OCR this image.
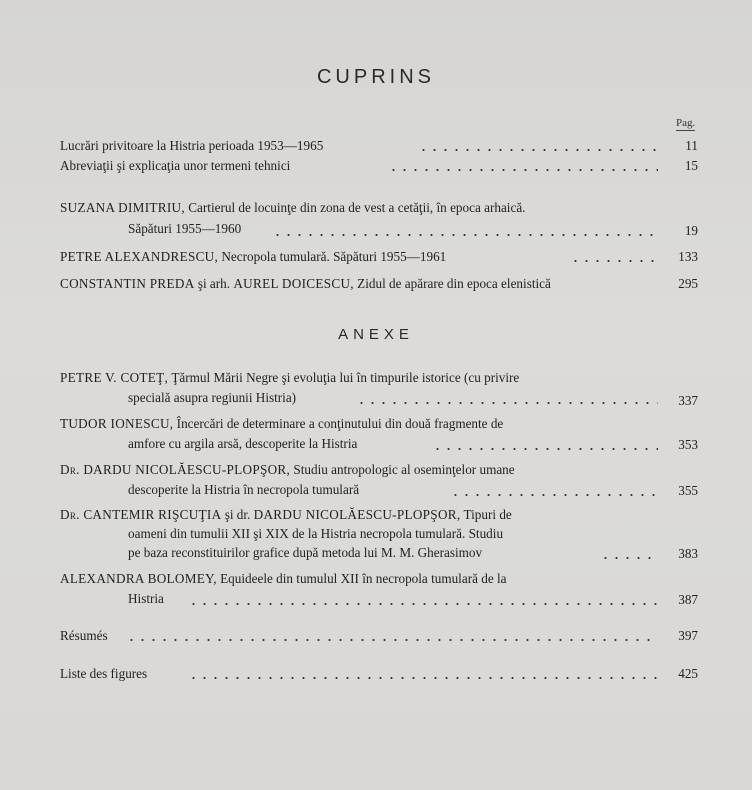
CUPRINS
Pag.
Lucrări privitoare la Histria perioada 1953—1965	11
Abreviaţii şi explicaţia unor termeni tehnici	15
SUZANA DIMITRIU, Cartierul de locuinţe din zona de vest a cetăţii, în epoca arhaică.
Săpături 1955—1960	19
PETRE ALEXANDRESCU, Necropola tumulară. Săpături 1955—1961	133
CONSTANTIN PREDA şi arh. AUREL DOICESCU, Zidul de apărare din epoca elenistică	295
ANEXE
PETRE V. COTEŢ, Ţărmul Mării Negre şi evoluţia lui în timpurile istorice (cu privire
specială asupra regiunii Histria)	337
TUDOR IONESCU, Încercări de determinare a conţinutului din două fragmente de
amfore cu argila arsă, descoperite la Histria	353
Dr. DARDU NICOLĂESCU-PLOPŞOR, Studiu antropologic al oseminţelor umane
descoperite la Histria în necropola tumulară	355
Dr. CANTEMIR RIŞCUŢIA şi dr. DARDU NICOLĂESCU-PLOPŞOR, Tipuri de
oameni din tumulii XII şi XIX de la Histria necropola tumulară. Studiu
pe baza reconstituirilor grafice după metoda lui M. M. Gherasimov	383
ALEXANDRA BOLOMEY, Equideele din tumulul XII în necropola tumulară de la
Histria	387
Résumés	397
Liste des figures	425
